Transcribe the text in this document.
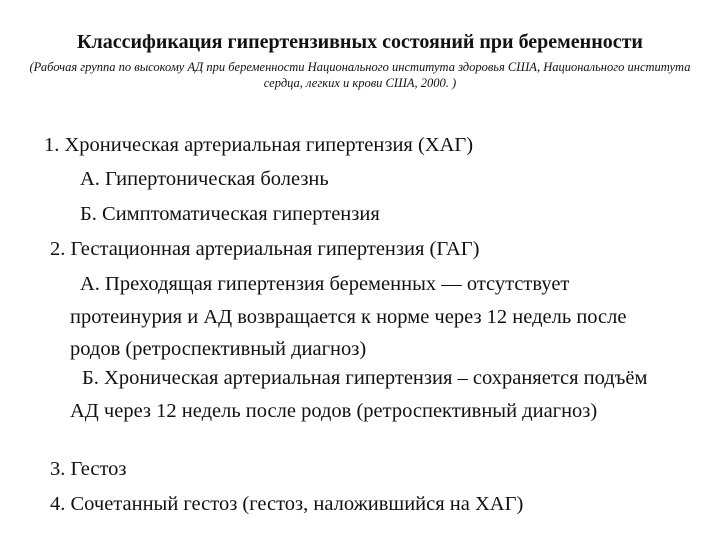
Классификация гипертензивных состояний при беременности
(Рабочая группа по высокому АД при беременности Национального института здоровья США, Национального института сердца, легких и крови США, 2000. )
1. Хроническая артериальная гипертензия (ХАГ)
А. Гипертоническая болезнь
Б. Симптоматическая гипертензия
2. Гестационная артериальная гипертензия (ГАГ)
А. Преходящая гипертензия беременных — отсутствует протеинурия и АД возвращается к норме через 12 недель после родов (ретроспективный диагноз)
Б. Хроническая артериальная гипертензия – сохраняется подъём АД через 12 недель после родов (ретроспективный диагноз)
3. Гестоз
4. Сочетанный гестоз (гестоз, наложившийся на ХАГ)
